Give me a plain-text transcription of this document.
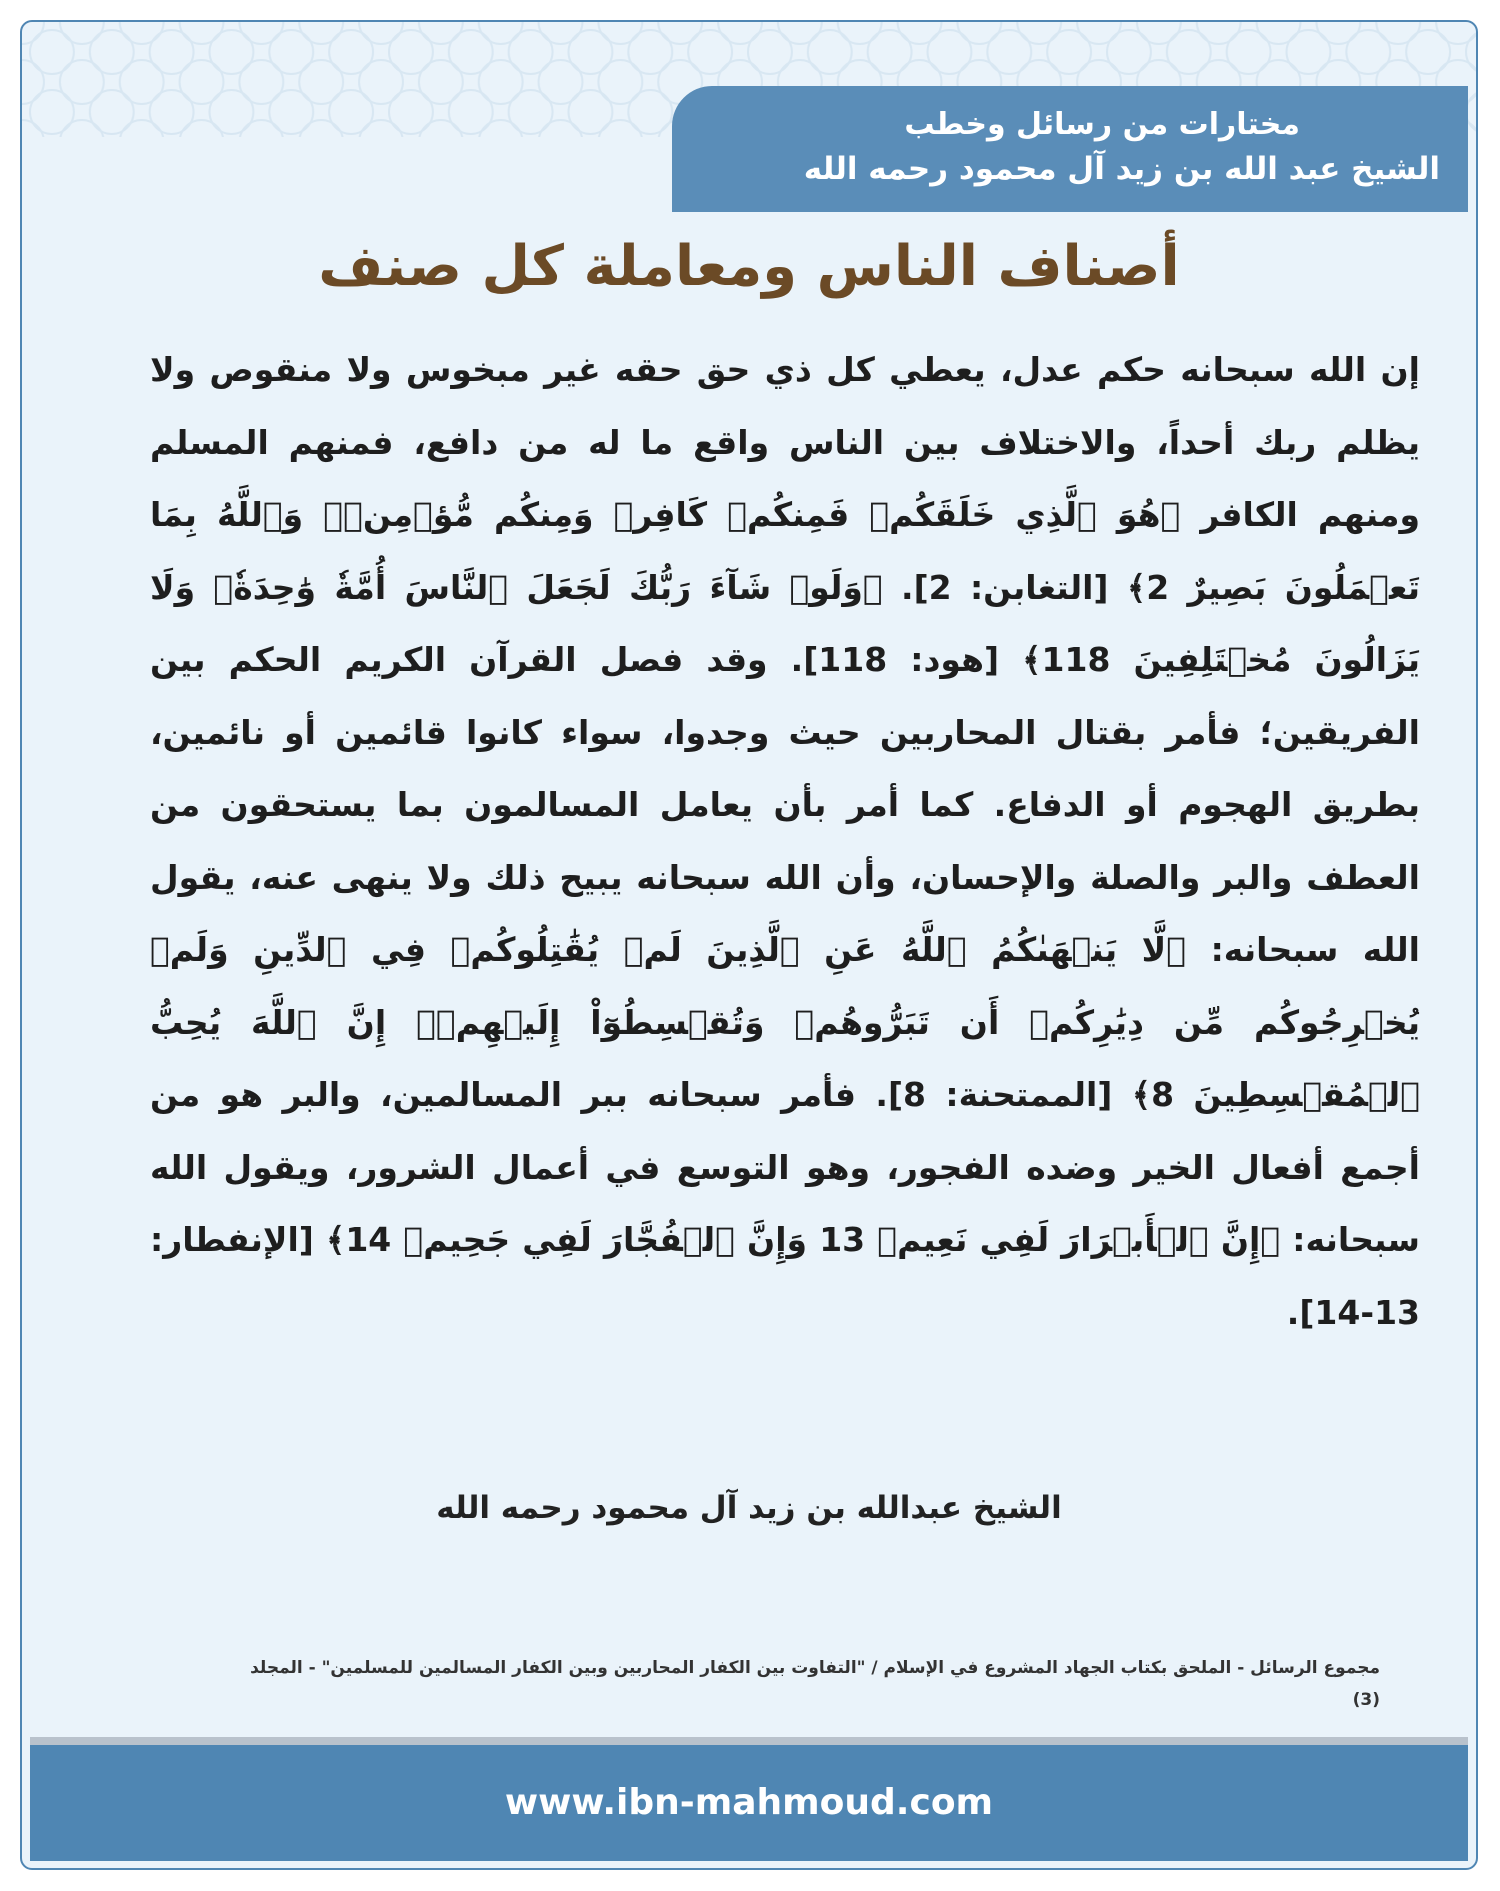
مختارات من رسائل وخطب
الشيخ عبد الله بن زيد آل محمود رحمه الله
أصناف الناس ومعاملة كل صنف
إن الله سبحانه حكم عدل، يعطي كل ذي حق حقه غير مبخوس ولا منقوص ولا يظلم ربك أحداً، والاختلاف بين الناس واقع ما له من دافع، فمنهم المسلم ومنهم الكافر ﴿هُوَ ٱلَّذِي خَلَقَكُمۡ فَمِنكُمۡ كَافِرٞ وَمِنكُم مُّؤۡمِنٞۚ وَٱللَّهُ بِمَا تَعۡمَلُونَ بَصِيرٌ 2﴾ [التغابن: 2]. ﴿وَلَوۡ شَآءَ رَبُّكَ لَجَعَلَ ٱلنَّاسَ أُمَّةٗ وَٰحِدَةٗۖ وَلَا يَزَالُونَ مُخۡتَلِفِينَ 118﴾ [هود: 118]. وقد فصل القرآن الكريم الحكم بين الفريقين؛ فأمر بقتال المحاربين حيث وجدوا، سواء كانوا قائمين أو نائمين، بطريق الهجوم أو الدفاع. كما أمر بأن يعامل المسالمون بما يستحقون من العطف والبر والصلة والإحسان، وأن الله سبحانه يبيح ذلك ولا ينهى عنه، يقول الله سبحانه: ﴿لَّا يَنۡهَىٰكُمُ ٱللَّهُ عَنِ ٱلَّذِينَ لَمۡ يُقَٰتِلُوكُمۡ فِي ٱلدِّينِ وَلَمۡ يُخۡرِجُوكُم مِّن دِيَٰرِكُمۡ أَن تَبَرُّوهُمۡ وَتُقۡسِطُوٓاْ إِلَيۡهِمۡۚ إِنَّ ٱللَّهَ يُحِبُّ ٱلۡمُقۡسِطِينَ 8﴾ [الممتحنة: 8]. فأمر سبحانه ببر المسالمين، والبر هو من أجمع أفعال الخير وضده الفجور، وهو التوسع في أعمال الشرور، ويقول الله سبحانه: ﴿إِنَّ ٱلۡأَبۡرَارَ لَفِي نَعِيمٖ 13 وَإِنَّ ٱلۡفُجَّارَ لَفِي جَحِيمٖ 14﴾ [الإنفطار: 13-14].
الشيخ عبدالله بن زيد آل محمود رحمه الله
مجموع الرسائل - الملحق بكتاب الجهاد المشروع في الإسلام / "التفاوت بين الكفار المحاربين وبين الكفار المسالمين للمسلمين" - المجلد (3)
www.ibn-mahmoud.com
